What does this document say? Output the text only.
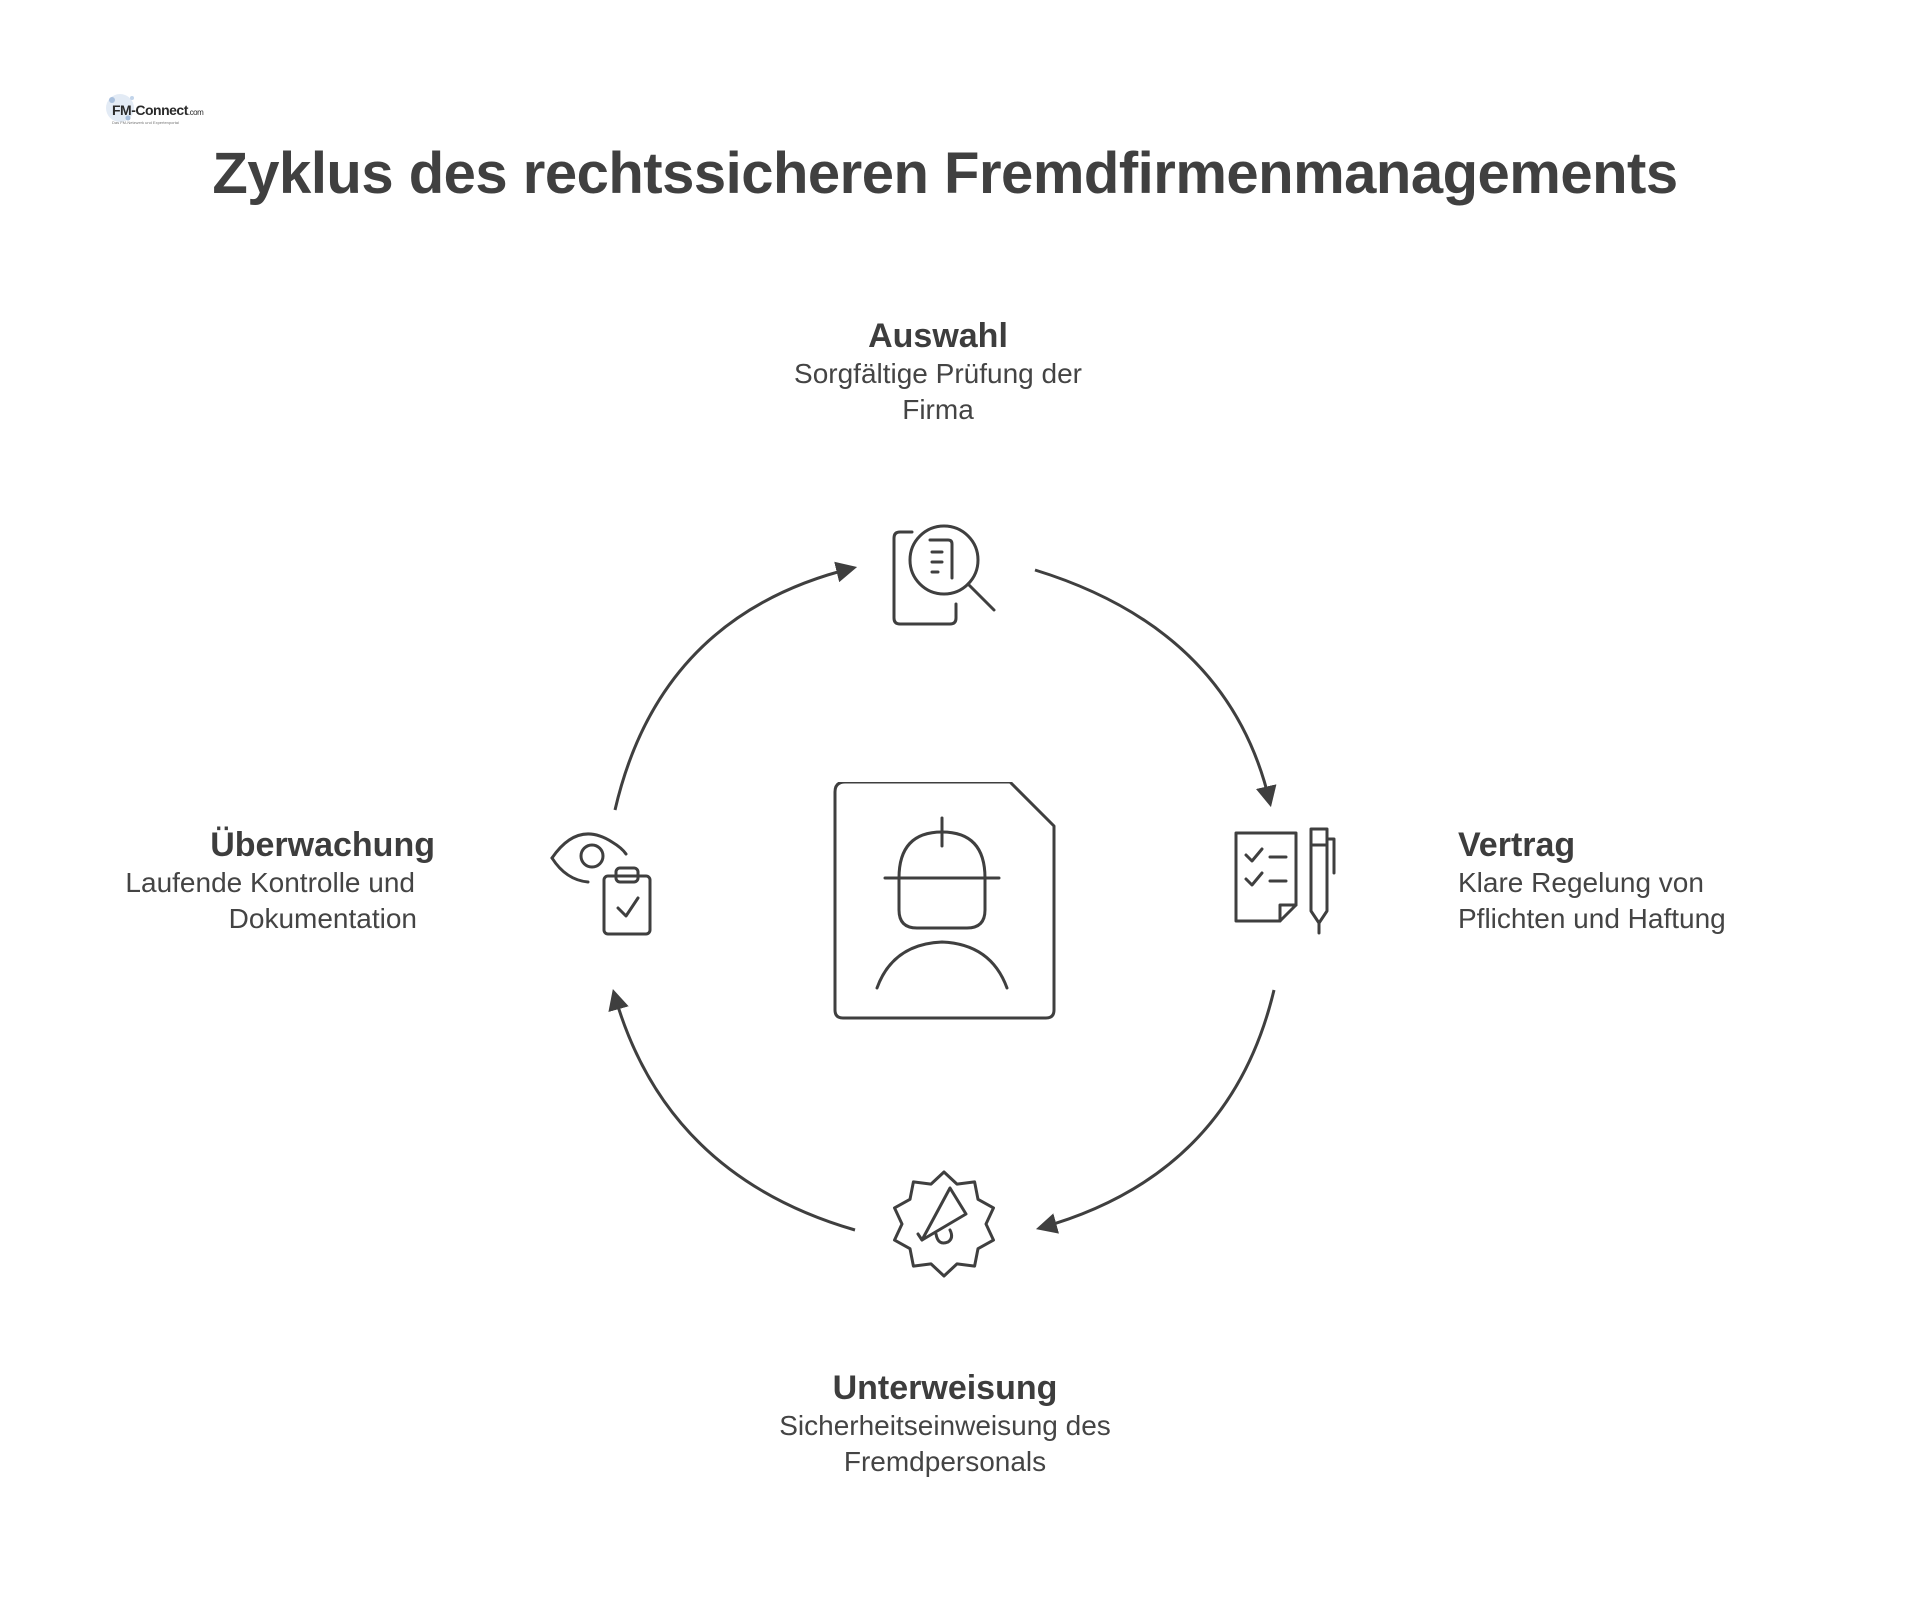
FM-Connect.com
Das FM-Netzwerk und Expertenportal
Zyklus des rechtssicheren Fremdfirmenmanagements
Auswahl
Sorgfältige Prüfung der
Firma
Vertrag
Klare Regelung von
Pflichten und Haftung
Unterweisung
Sicherheitseinweisung des
Fremdpersonals
Überwachung
Laufende Kontrolle und
Dokumentation
